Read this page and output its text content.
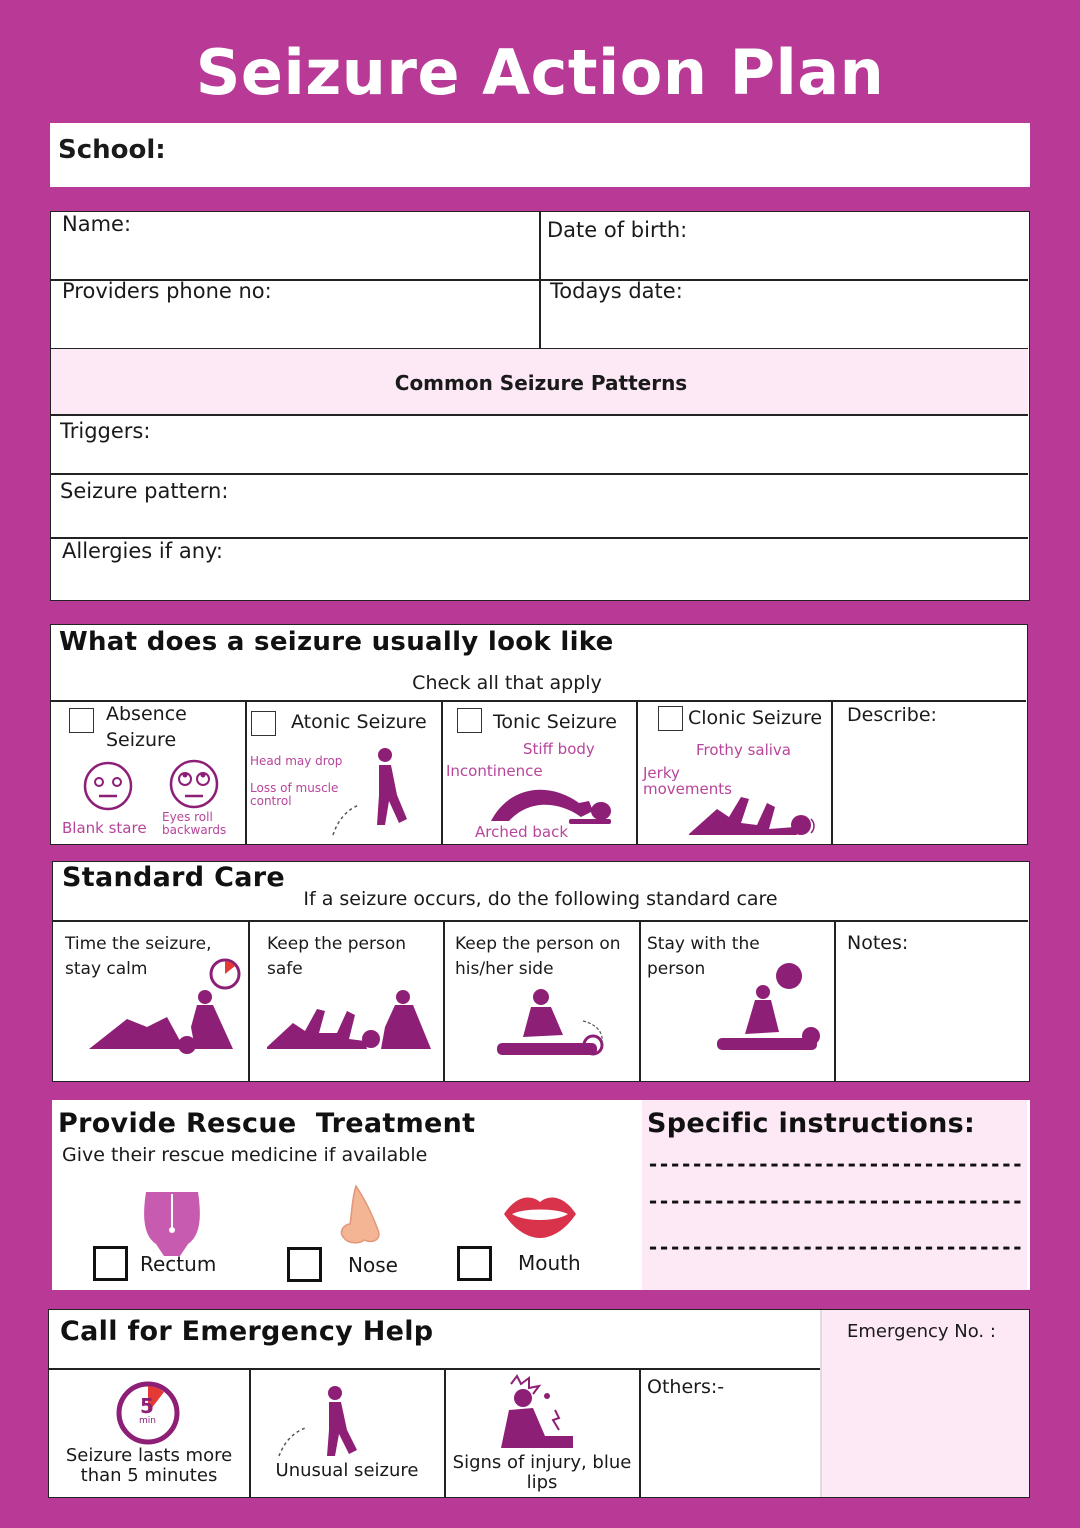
Seizure Action Plan
School:
Name:	Date of birth:
Providers phone no:	Todays date:
Common Seizure Patterns
Triggers:
Seizure pattern:
Allergies if any:
What does a seizure usually look like
Check all that apply
Absence Seizure
Blank stare
Eyes roll backwards
Atonic Seizure
Head may drop
Loss of muscle control
Tonic Seizure
Stiff body
Incontinence
Arched back
Clonic Seizure
Frothy saliva
Jerky movements
Describe:
Standard Care
If a seizure occurs, do the following standard care
Time the seizure, stay calm
Keep the person safe
Keep the person on his/her side
Stay with the person
Notes:
Provide Rescue  Treatment
Give their rescue medicine if available
Rectum	Nose	Mouth
Specific instructions:
----------------------------------
----------------------------------
----------------------------------
Call for Emergency Help	Emergency No. :
5
min
Seizure lasts more than 5 minutes	Unusual seizure	Signs of injury, blue lips
Others:-
